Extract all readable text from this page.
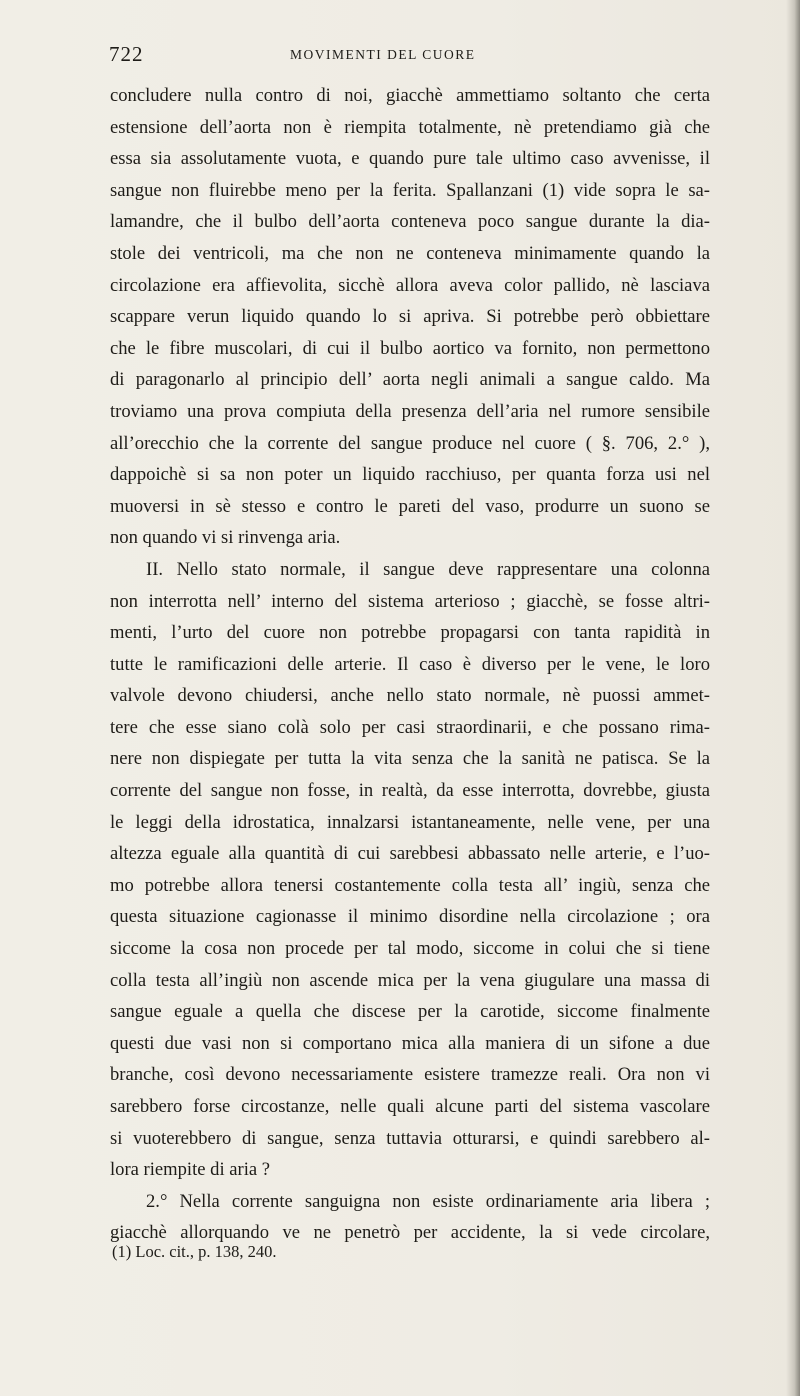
722	MOVIMENTI DEL CUORE
concludere nulla contro di noi, giacchè ammettiamo soltanto che certa
estensione dell’aorta non è riempita totalmente, nè pretendiamo già che
essa sia assolutamente vuota, e quando pure tale ultimo caso avvenisse, il
sangue non fluirebbe meno per la ferita. Spallanzani (1) vide sopra le sa-
lamandre, che il bulbo dell’aorta conteneva poco sangue durante la dia-
stole dei ventricoli, ma che non ne conteneva minimamente quando la
circolazione era affievolita, sicchè allora aveva color pallido, nè lasciava
scappare verun liquido quando lo si apriva. Si potrebbe però obbiettare
che le fibre muscolari, di cui il bulbo aortico va fornito, non permettono
di paragonarlo al principio dell’ aorta negli animali a sangue caldo. Ma
troviamo una prova compiuta della presenza dell’aria nel rumore sensibile
all’orecchio che la corrente del sangue produce nel cuore ( §. 706, 2.° ),
dappoichè si sa non poter un liquido racchiuso, per quanta forza usi nel
muoversi in sè stesso e contro le pareti del vaso, produrre un suono se
non quando vi si rinvenga aria.
II. Nello stato normale, il sangue deve rappresentare una colonna
non interrotta nell’ interno del sistema arterioso ; giacchè, se fosse altri-
menti, l’urto del cuore non potrebbe propagarsi con tanta rapidità in
tutte le ramificazioni delle arterie. Il caso è diverso per le vene, le loro
valvole devono chiudersi, anche nello stato normale, nè puossi ammet-
tere che esse siano colà solo per casi straordinarii, e che possano rima-
nere non dispiegate per tutta la vita senza che la sanità ne patisca. Se la
corrente del sangue non fosse, in realtà, da esse interrotta, dovrebbe, giusta
le leggi della idrostatica, innalzarsi istantaneamente, nelle vene, per una
altezza eguale alla quantità di cui sarebbesi abbassato nelle arterie, e l’uo-
mo potrebbe allora tenersi costantemente colla testa all’ ingiù, senza che
questa situazione cagionasse il minimo disordine nella circolazione ; ora
siccome la cosa non procede per tal modo, siccome in colui che si tiene
colla testa all’ingiù non ascende mica per la vena giugulare una massa di
sangue eguale a quella che discese per la carotide, siccome finalmente
questi due vasi non si comportano mica alla maniera di un sifone a due
branche, così devono necessariamente esistere tramezze reali. Ora non vi
sarebbero forse circostanze, nelle quali alcune parti del sistema vascolare
si vuoterebbero di sangue, senza tuttavia otturarsi, e quindi sarebbero al-
lora riempite di aria ?
2.° Nella corrente sanguigna non esiste ordinariamente aria libera ;
giacchè allorquando ve ne penetrò per accidente, la si vede circolare,
(1) Loc. cit., p. 138, 240.
